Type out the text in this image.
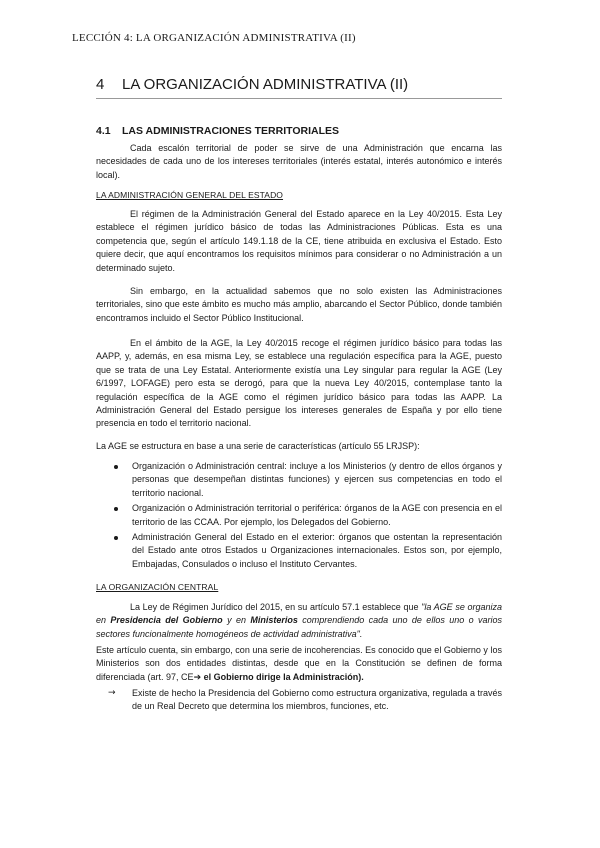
LECCIÓN 4: LA ORGANIZACIÓN ADMINISTRATIVA (II)
4 LA ORGANIZACIÓN ADMINISTRATIVA (II)
4.1 LAS ADMINISTRACIONES TERRITORIALES

Cada escalón territorial de poder se sirve de una Administración que encarna las necesidades de cada uno de los intereses territoriales (interés estatal, interés autonómico e interés local).

LA ADMINISTRACIÓN GENERAL DEL ESTADO

El régimen de la Administración General del Estado aparece en la Ley 40/2015. Esta Ley establece el régimen jurídico básico de todas las Administraciones Públicas. Esta es una competencia que, según el artículo 149.1.18 de la CE, tiene atribuida en exclusiva el Estado. Esto quiere decir, que aquí encontramos los requisitos mínimos para considerar o no Administración a un determinado sujeto.

Sin embargo, en la actualidad sabemos que no solo existen las Administraciones territoriales, sino que este ámbito es mucho más amplio, abarcando el Sector Público, donde también encontramos incluido el Sector Público Institucional.

En el ámbito de la AGE, la Ley 40/2015 recoge el régimen jurídico básico para todas las AAPP, y, además, en esa misma Ley, se establece una regulación específica para la AGE, puesto que se trata de una Ley Estatal. Anteriormente existía una Ley singular para regular la AGE (Ley 6/1997, LOFAGE) pero esta se derogó, para que la nueva Ley 40/2015, contemplase tanto la regulación específica de la AGE como el régimen jurídico básico para todas las AAPP. La Administración General del Estado persigue los intereses generales de España y por ello tiene presencia en todo el territorio nacional.

La AGE se estructura en base a una serie de características (artículo 55 LRJSP):

Organización o Administración central: incluye a los Ministerios (y dentro de ellos órganos y personas que desempeñan distintas funciones) y ejercen sus competencias en todo el territorio nacional.
Organización o Administración territorial o periférica: órganos de la AGE con presencia en el territorio de las CCAA. Por ejemplo, los Delegados del Gobierno.
Administración General del Estado en el exterior: órganos que ostentan la representación del Estado ante otros Estados u Organizaciones internacionales. Estos son, por ejemplo, Embajadas, Consulados o incluso el Instituto Cervantes.
LA ORGANIZACIÓN CENTRAL

La Ley de Régimen Jurídico del 2015, en su artículo 57.1 establece que "la AGE se organiza en Presidencia del Gobierno y en Ministerios comprendiendo cada uno de ellos uno o varios sectores funcionalmente homogéneos de actividad administrativa".

Este artículo cuenta, sin embargo, con una serie de incoherencias. Es conocido que el Gobierno y los Ministerios son dos entidades distintas, desde que en la Constitución se definen de forma diferenciada (art. 97, CE➔ el Gobierno dirige la Administración).

→	Existe de hecho la Presidencia del Gobierno como estructura organizativa, regulada a través de un Real Decreto que determina los miembros, funciones, etc.
